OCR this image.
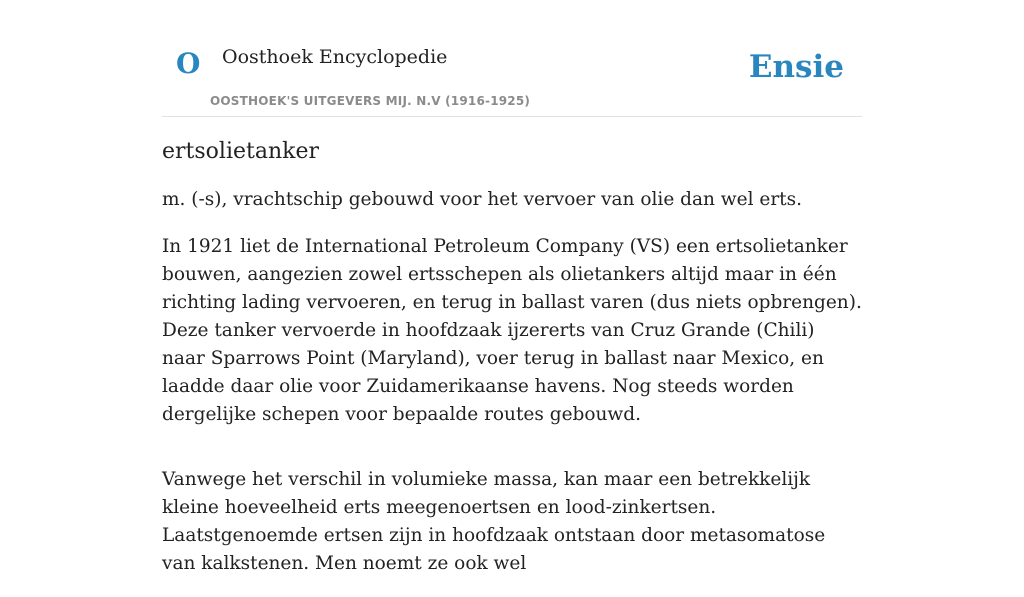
O Oosthoek Encyclopedie
OOSTHOEK'S UITGEVERS MIJ. N.V (1916-1925)
Ensie
ertsolietanker

m. (-s), vrachtschip gebouwd voor het vervoer van olie dan wel erts.

In 1921 liet de International Petroleum Company (VS) een ertsolietanker bouwen, aangezien zowel ertsschepen als olietankers altijd maar in één richting lading vervoeren, en terug in ballast varen (dus niets opbrengen). Deze tanker vervoerde in hoofdzaak ijzererts van Cruz Grande (Chili) naar Sparrows Point (Maryland), voer terug in ballast naar Mexico, en laadde daar olie voor Zuidamerikaanse havens. Nog steeds worden dergelijke schepen voor bepaalde routes gebouwd.

Vanwege het verschil in volumieke massa, kan maar een betrekkelijk kleine hoeveelheid erts meegenoertsen en lood-zinkertsen. Laatstgenoemde ertsen zijn in hoofdzaak ontstaan door metasomatose van kalkstenen. Men noemt ze ook wel
